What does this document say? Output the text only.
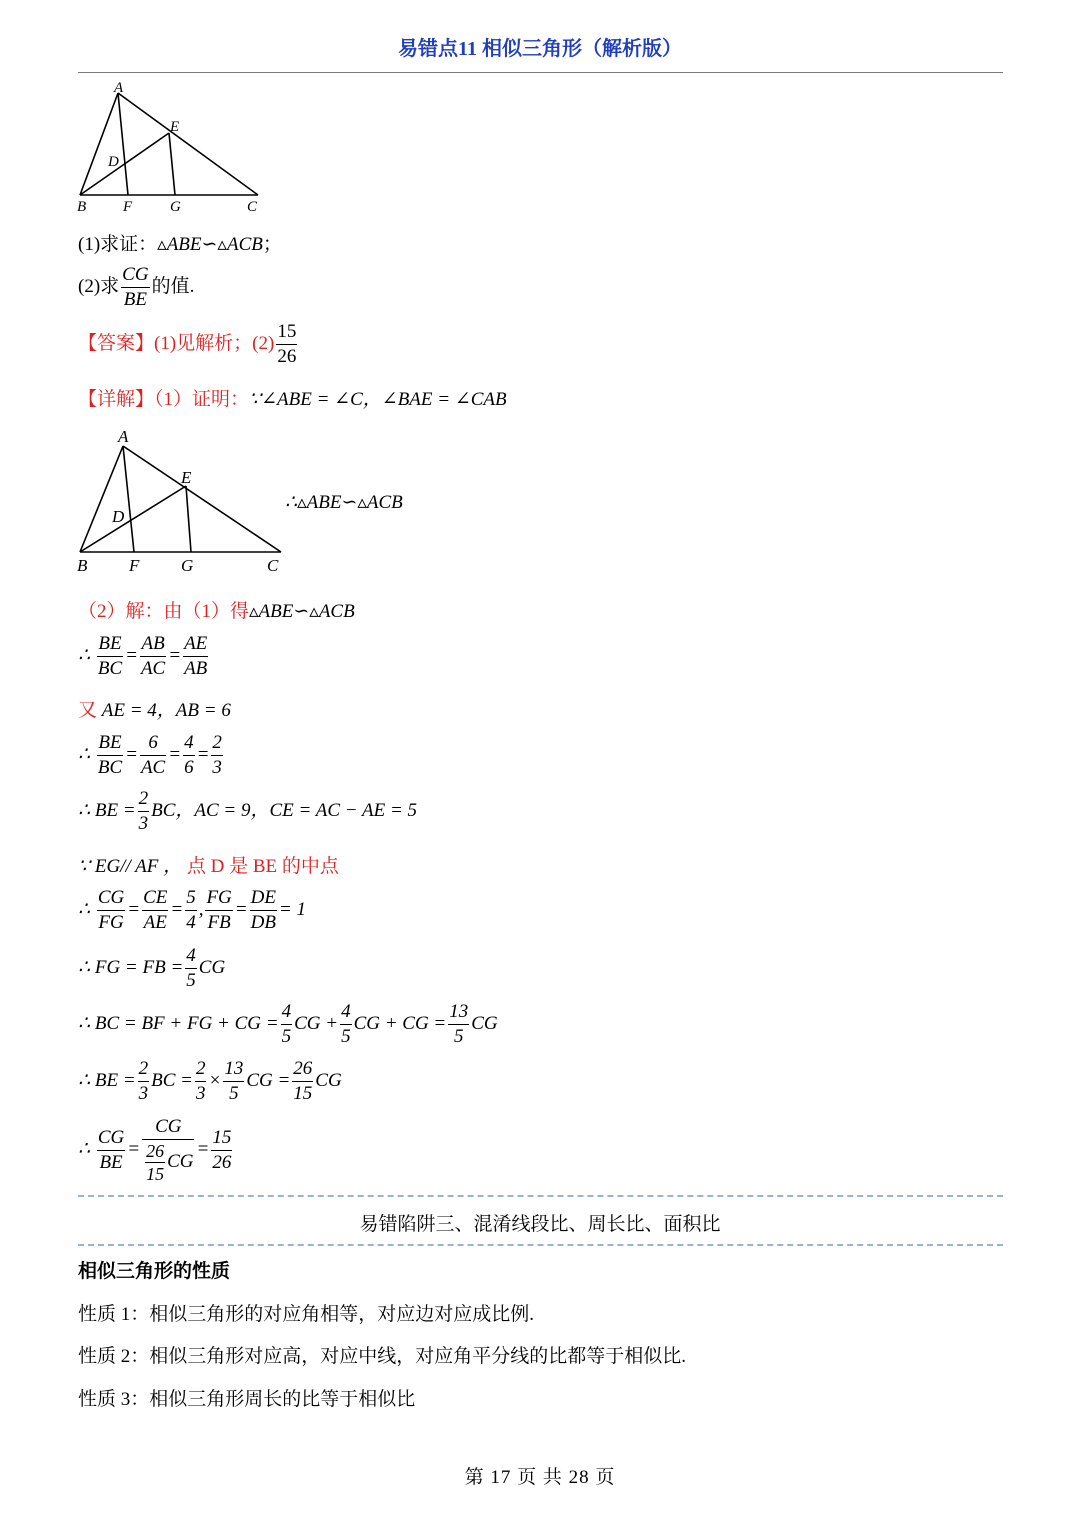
易错点11 相似三角形（解析版）
A
E
D
B F	G	C
(1)求证：▵ABE∽▵ACB；
(2)求 $\frac{CG}{BE}$ 的值.
【答案】(1)见解析；$(2) \frac{15}{26}$
【详解】（1）证明：∵∠ABE = ∠C，∠BAE = ∠CAB
A
E
D
B F G	C
∴▵ABE∽▵ACB
（2）解：由（1）得▵ABE∽▵ACB
∴ $\frac{BE}{BC} = \frac{AB}{AC} = \frac{AE}{AB}$
又 AE = 4，AB = 6
∴ $\frac{BE}{BC} = \frac{6}{AC} = \frac{4}{6} = \frac{2}{3}$
∴ BE = $\frac{2}{3}$ BC，AC = 9，CE = AC − AE = 5
∵ EG// AF ， 点 D 是 BE 的中点
∴ $\frac{CG}{FG} = \frac{CE}{AE} = \frac{5}{4}$ , $\frac{FG}{FB} = \frac{DE}{DB} = 1$
∴ FG = FB = $\frac{4}{5}$ CG
∴ BC = BF + FG + CG = $\frac{4}{5}$ CG + $\frac{4}{5}$ CG + CG = $\frac{13}{5}$ CG
∴ BE = $\frac{2}{3}$ BC = $\frac{2}{3} \times \frac{13}{5}$ CG = $\frac{26}{15}$ CG
∴ $\frac{CG}{BE} = \frac{CG}{\frac{26}{15} CG} = \frac{15}{26}$
易错陷阱三、混淆线段比、周长比、面积比
相似三角形的性质
性质 1：相似三角形的对应角相等，对应边对应成比例.
性质 2：相似三角形对应高，对应中线，对应角平分线的比都等于相似比.
性质 3：相似三角形周长的比等于相似比
第 17 页 共 28 页
